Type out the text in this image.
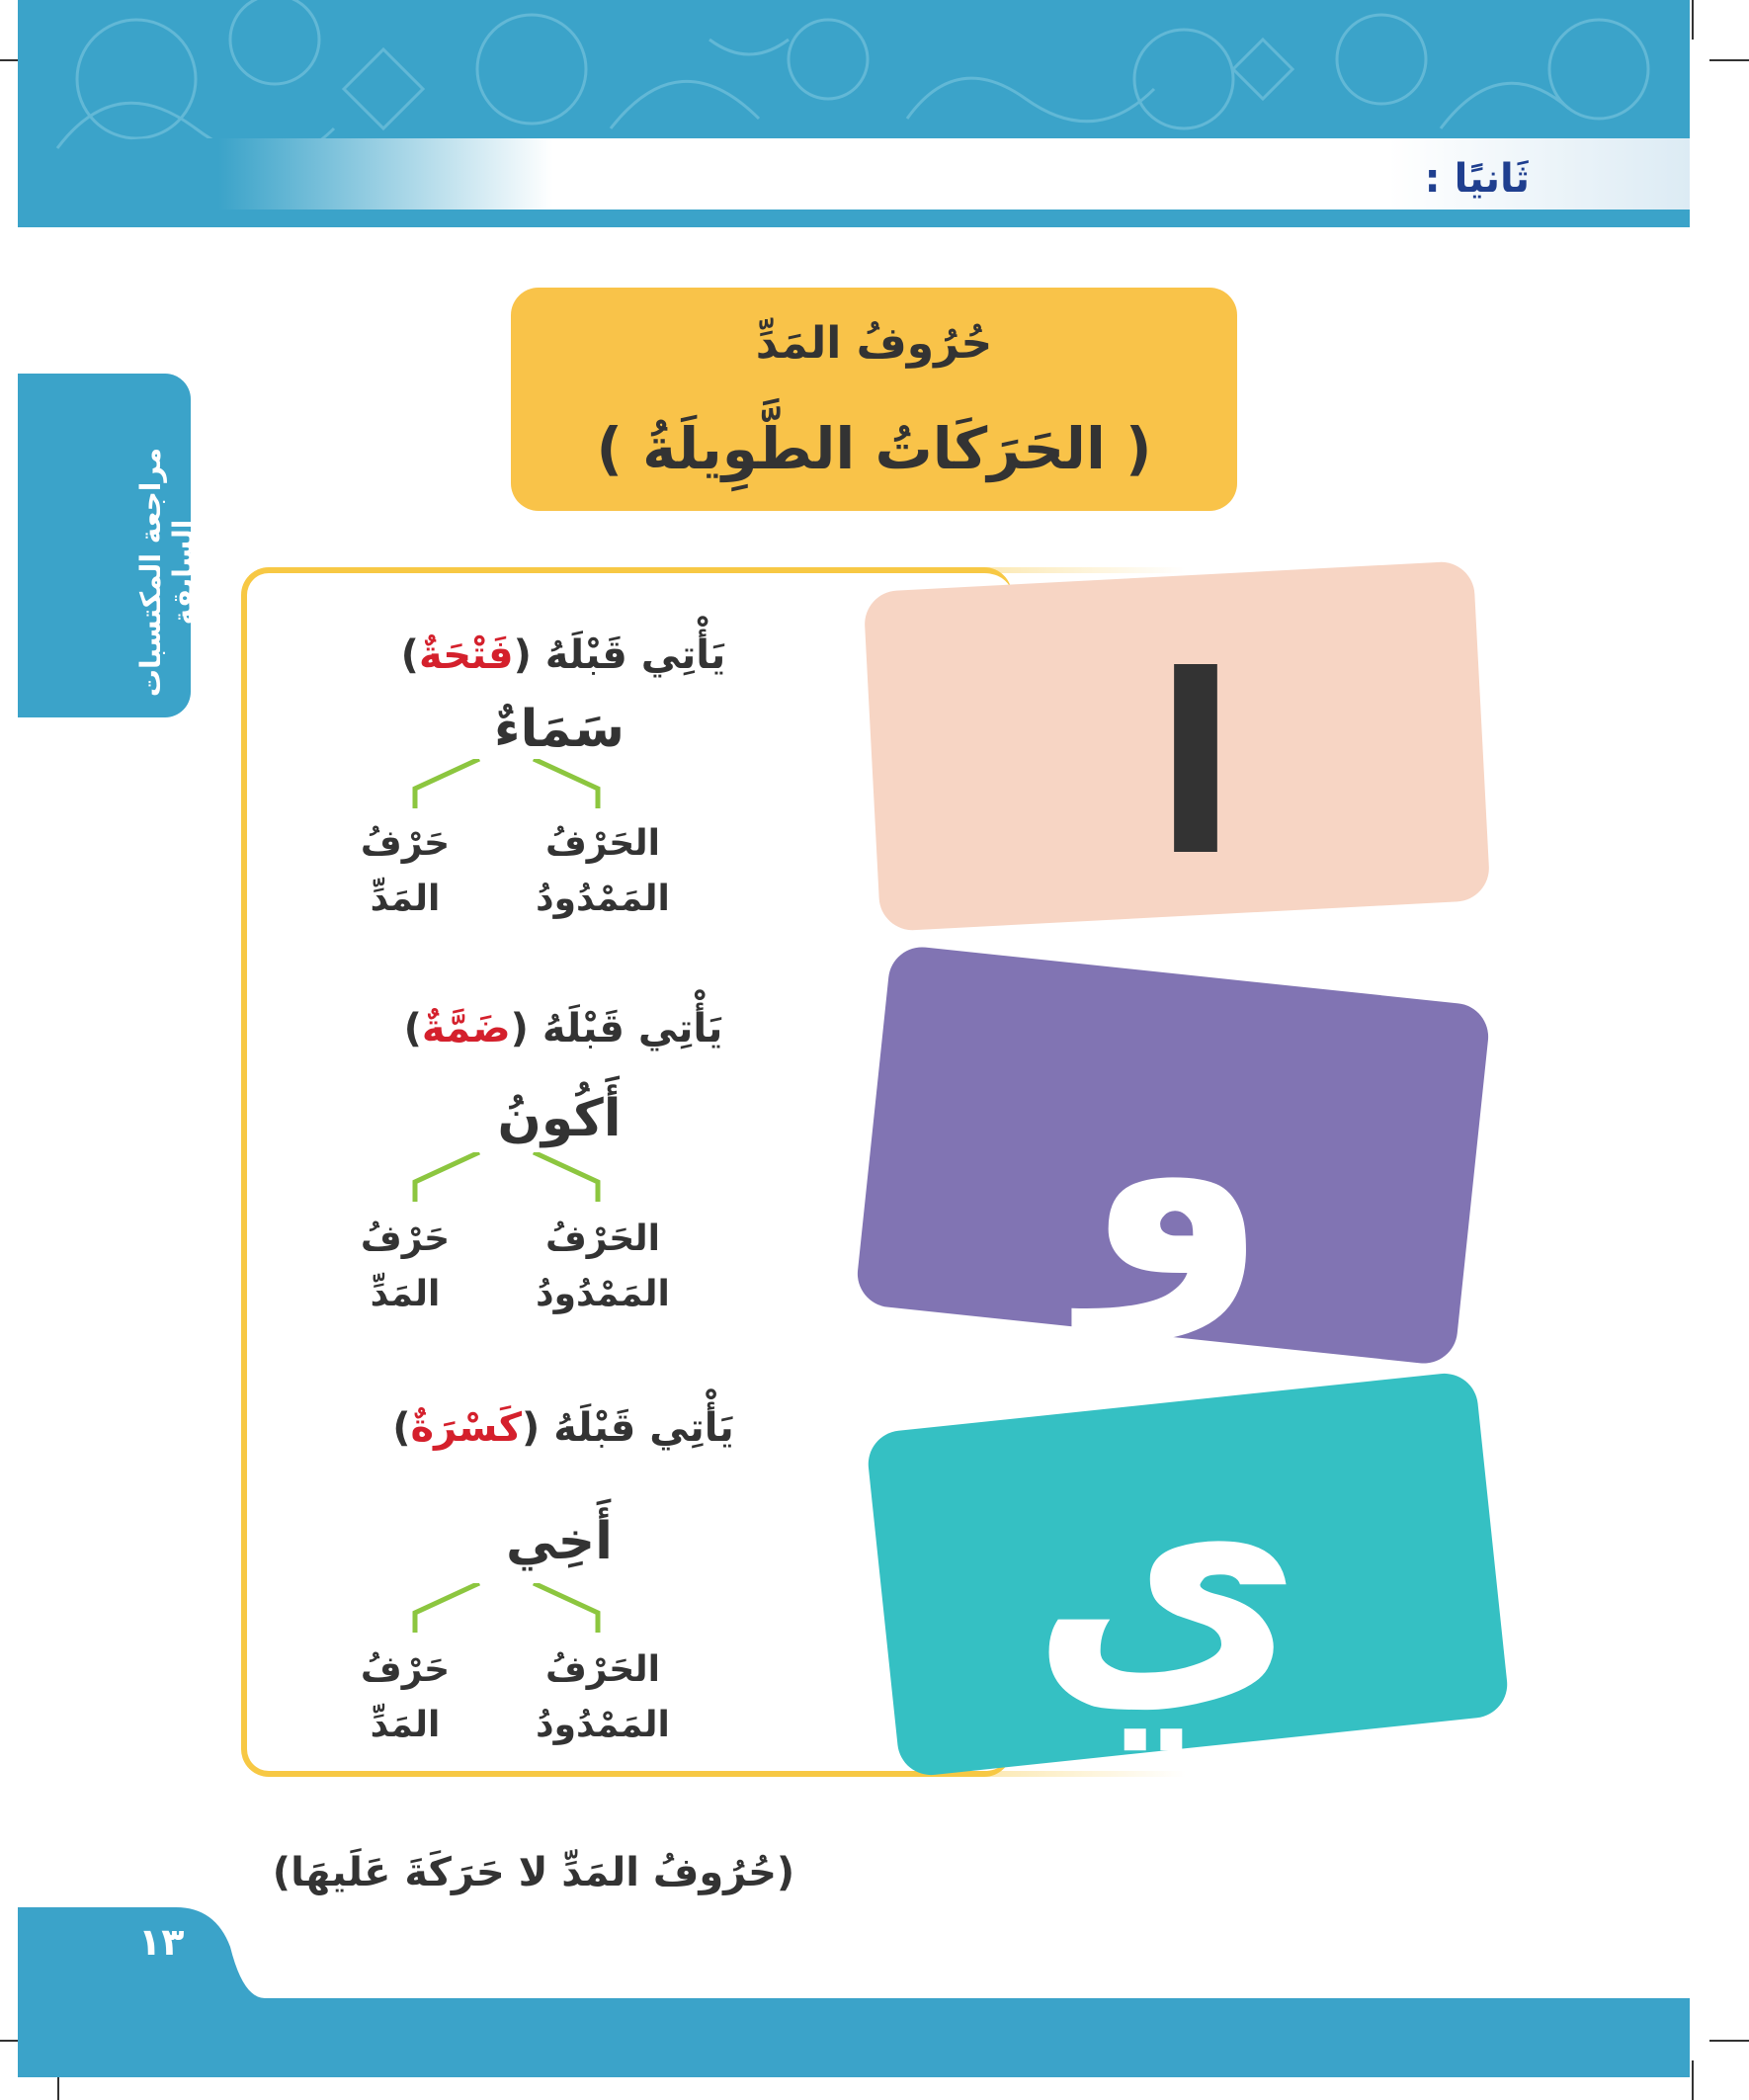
ثَانيًا :
مراجعة المكتسبات السابقة
حُرُوفُ المَدِّ
( الحَرَكَاتُ الطَّوِيلَةُ )
ا
و
ي
يَأْتِي قَبْلَهُ (فَتْحَةٌ)
سَمَاءٌ
الحَرْفُ
المَمْدُودُ
حَرْفُ
المَدِّ
يَأْتِي قَبْلَهُ (ضَمَّةٌ)
أَكُونُ
الحَرْفُ
المَمْدُودُ
حَرْفُ
المَدِّ
يَأْتِي قَبْلَهُ (كَسْرَةٌ)
أَخِي
الحَرْفُ
المَمْدُودُ
حَرْفُ
المَدِّ
(حُرُوفُ المَدِّ لا حَرَكَةَ عَلَيهَا)
١٣
